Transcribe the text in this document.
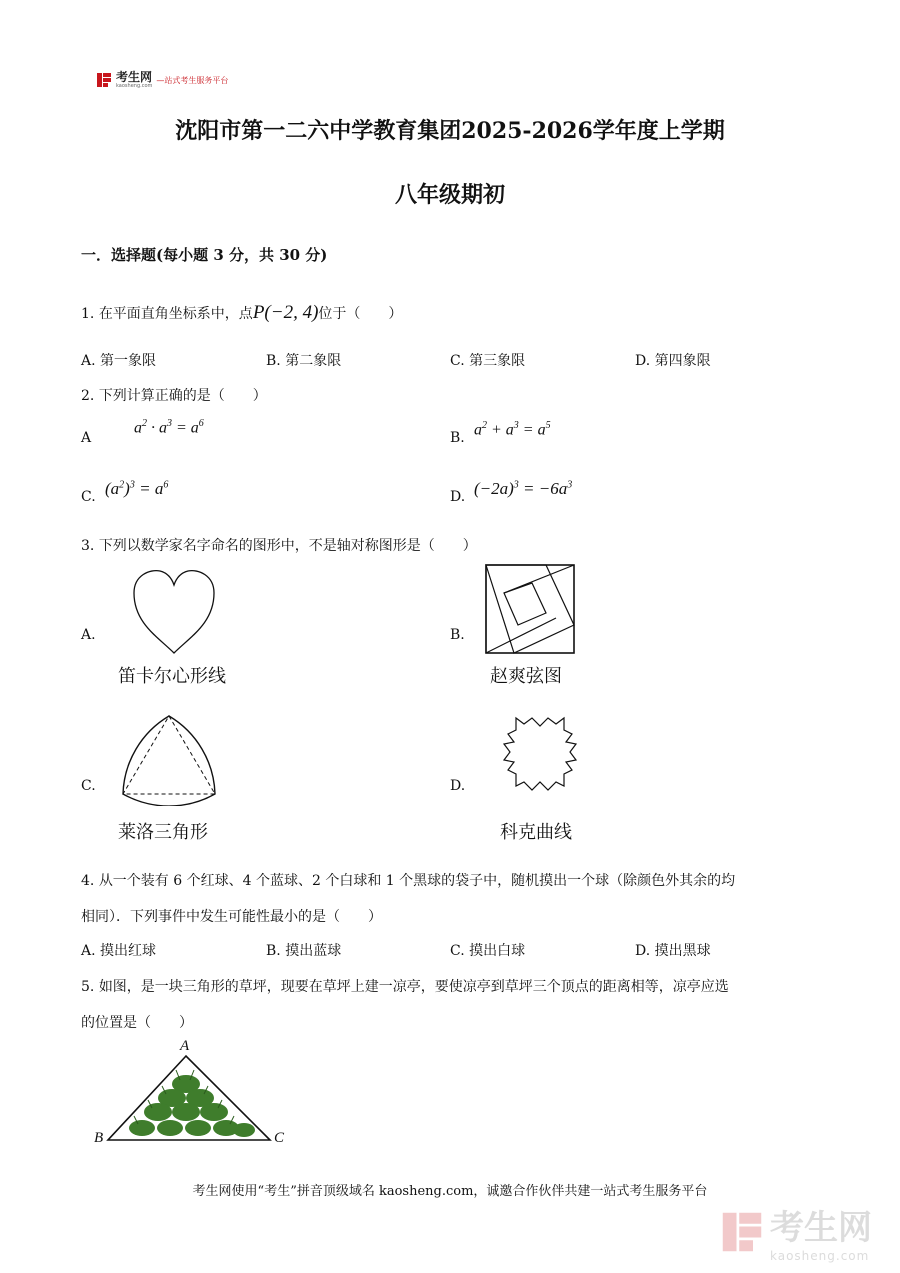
考生网
kaosheng.com
—站式考生服务平台
沈阳市第一二六中学教育集团2025-2026学年度上学期
八年级期初
一．选择题(每小题 3 分，共 30 分)
1. 在平面直角坐标系中，点P(−2, 4)位于（　　）
A. 第一象限	B. 第二象限	C. 第三象限	D. 第四象限
2. 下列计算正确的是（　　）
A
$a^2 \cdot a^3 = a^6$
B. $a^2 + a^3 = a^5$
C. $(a^2)^3 = a^6$
D. $(-2a)^3 = -6a^3$
3. 下列以数学家名字命名的图形中，不是轴对称图形是（　　）
A.
笛卡尔心形线
B.
赵爽弦图
C.
莱洛三角形
D.
科克曲线
4. 从一个装有 6 个红球、4 个蓝球、2 个白球和 1 个黑球的袋子中，随机摸出一个球（除颜色外其余的均
相同）．下列事件中发生可能性最小的是（　　）
A. 摸出红球	B. 摸出蓝球	C. 摸出白球	D. 摸出黑球
5. 如图，是一块三角形的草坪，现要在草坪上建一凉亭，要使凉亭到草坪三个顶点的距离相等，凉亭应选
的位置是（　　）
A
B	C
考生网使用“考生”拼音顶级域名 kaosheng.com，诚邀合作伙伴共建一站式考生服务平台
考生网
kaosheng.com
